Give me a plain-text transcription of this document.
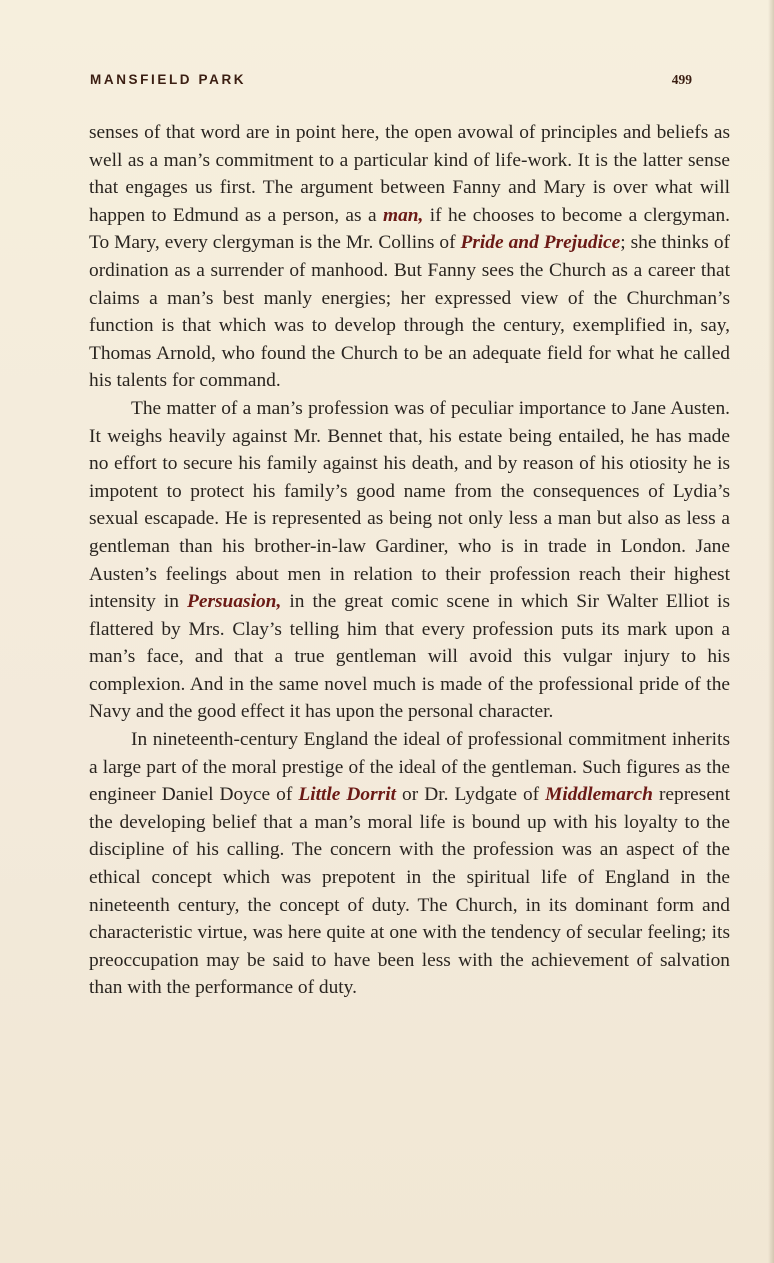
MANSFIELD PARK	499

senses of that word are in point here, the open avowal of principles and beliefs as well as a man’s commitment to a particular kind of life-work. It is the latter sense that engages us first. The argument between Fanny and Mary is over what will happen to Edmund as a person, as a man, if he chooses to become a clergyman. To Mary, every clergyman is the Mr. Collins of Pride and Prejudice; she thinks of ordination as a surrender of manhood. But Fanny sees the Church as a career that claims a man’s best manly energies; her expressed view of the Churchman’s function is that which was to develop through the century, exemplified in, say, Thomas Arnold, who found the Church to be an adequate field for what he called his talents for command.

The matter of a man’s profession was of peculiar importance to Jane Austen. It weighs heavily against Mr. Bennet that, his estate being entailed, he has made no effort to secure his family against his death, and by reason of his otiosity he is impotent to protect his family’s good name from the consequences of Lydia’s sexual escapade. He is represented as being not only less a man but also as less a gentleman than his brother-in-law Gardiner, who is in trade in London. Jane Austen’s feelings about men in relation to their profession reach their highest intensity in Persuasion, in the great comic scene in which Sir Walter Elliot is flattered by Mrs. Clay’s telling him that every profession puts its mark upon a man’s face, and that a true gentleman will avoid this vulgar injury to his complexion. And in the same novel much is made of the professional pride of the Navy and the good effect it has upon the personal character.

In nineteenth-century England the ideal of professional commitment inherits a large part of the moral prestige of the ideal of the gentleman. Such figures as the engineer Daniel Doyce of Little Dorrit or Dr. Lydgate of Middlemarch represent the developing belief that a man’s moral life is bound up with his loyalty to the discipline of his calling. The concern with the profession was an aspect of the ethical concept which was prepotent in the spiritual life of England in the nineteenth century, the concept of duty. The Church, in its dominant form and characteristic virtue, was here quite at one with the tendency of secular feeling; its preoccupation may be said to have been less with the achievement of salvation than with the performance of duty.
